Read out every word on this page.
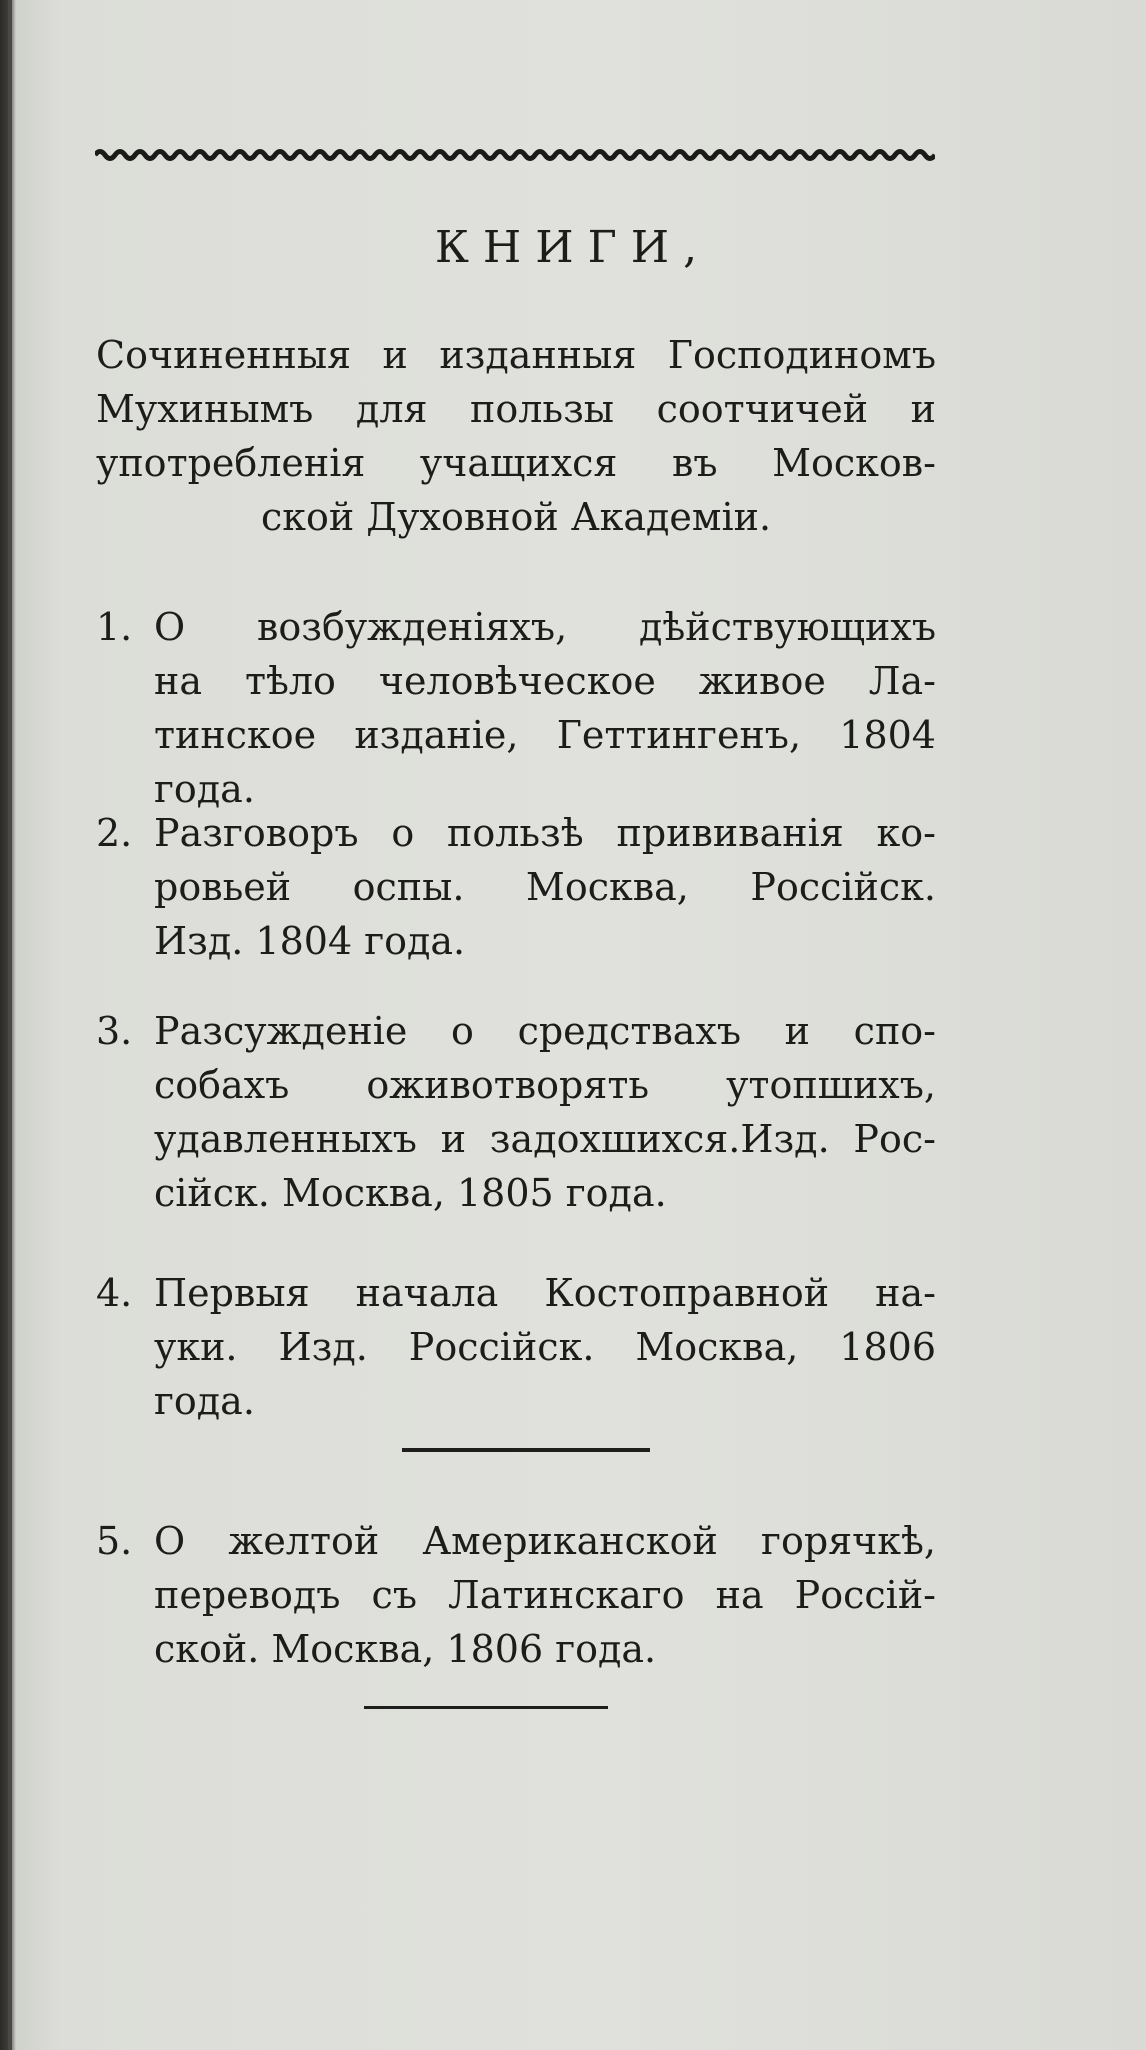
КНИГИ,
Сочиненныя и изданныя Господиномъ
Мухинымъ для пользы соотчичей и
употребленія учащихся въ Москов-
ской Духовной Академіи.
1. О возбужденіяхъ, дѣйствующихъ
на тѣло человѣческое живое Ла-
тинское изданіе, Геттингенъ, 1804
года.
2. Разговоръ о пользѣ прививанія ко-
ровьей оспы. Москва, Россійск.
Изд. 1804 года.
3. Разсужденіе о средствахъ и спо-
собахъ оживотворять утопшихъ,
удавленныхъ и задохшихся.Изд. Рос-
сійск. Москва, 1805 года.
4. Первыя начала Костоправной на-
уки. Изд. Россійск. Москва, 1806
года.
5. О желтой Американской горячкѣ,
переводъ съ Латинскаго на Россій-
ской. Москва, 1806 года.
